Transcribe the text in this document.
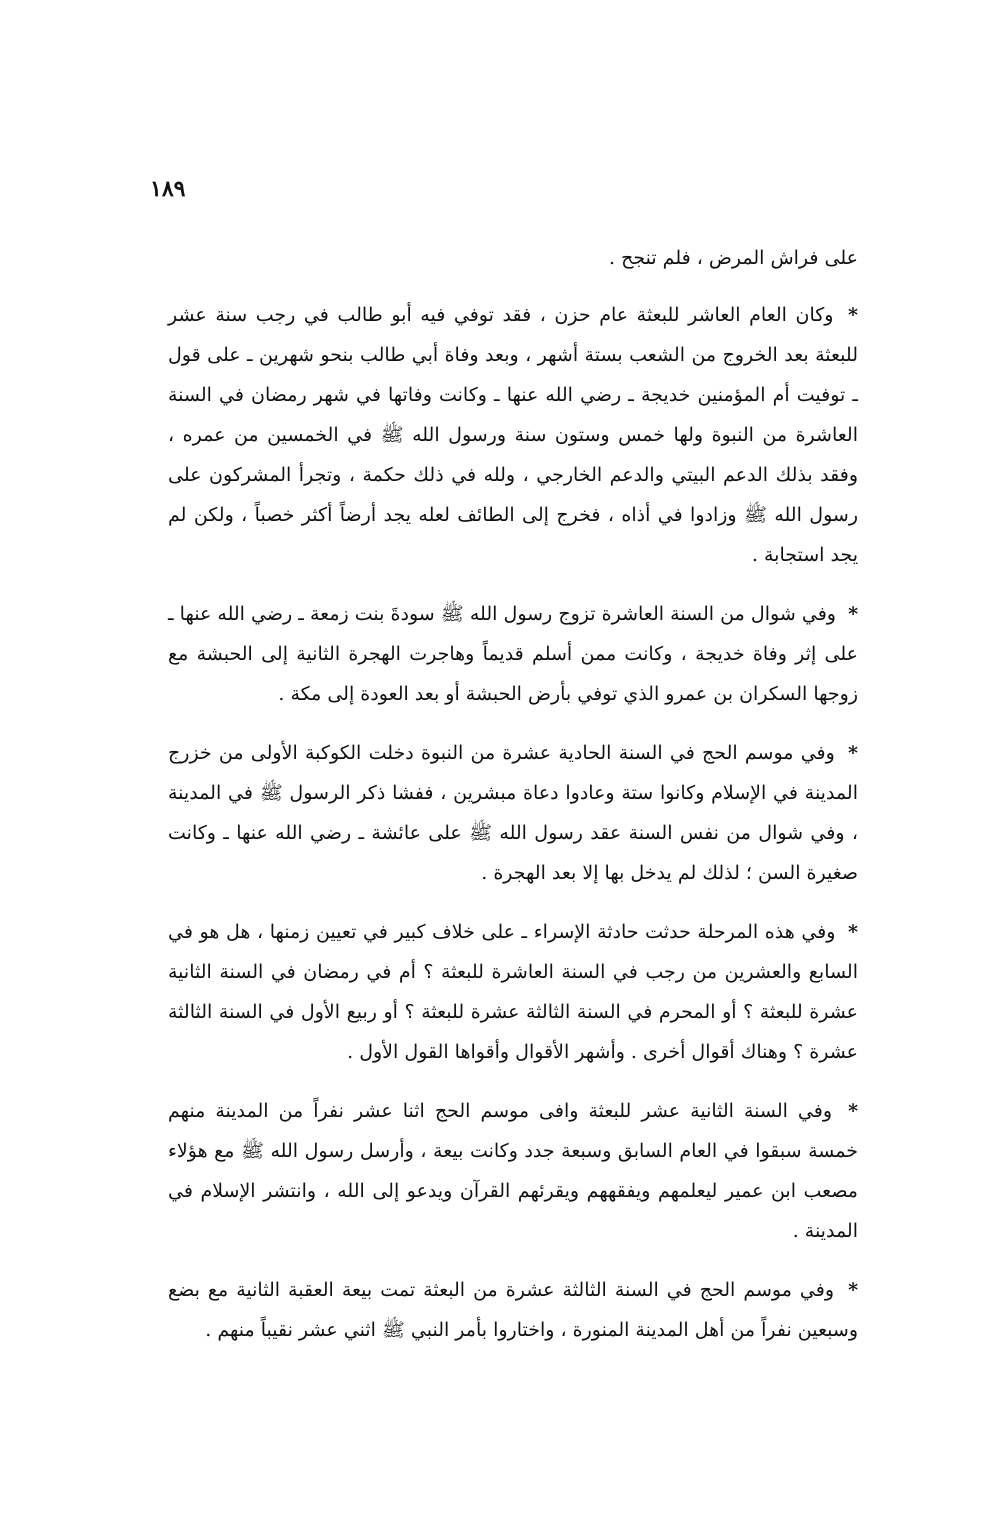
١٨٩

على فراش المرض ، فلم تنجح .

* وكان العام العاشر للبعثة عام حزن ، فقد توفي فيه أبو طالب في رجب سنة عشر للبعثة بعد الخروج من الشعب بستة أشهر ، وبعد وفاة أبي طالب بنحو شهرين ـ على قول ـ توفيت أم المؤمنين خديجة ـ رضي الله عنها ـ وكانت وفاتها في شهر رمضان في السنة العاشرة من النبوة ولها خمس وستون سنة ورسول الله ﷺ في الخمسين من عمره ، وفقد بذلك الدعم البيتي والدعم الخارجي ، ولله في ذلك حكمة ، وتجرأ المشركون على رسول الله ﷺ وزادوا في أذاه ، فخرج إلى الطائف لعله يجد أرضاً أكثر خصباً ، ولكن لم يجد استجابة .

* وفي شوال من السنة العاشرة تزوج رسول الله ﷺ سودةَ بنت زمعة ـ رضي الله عنها ـ على إثر وفاة خديجة ، وكانت ممن أسلم قديماً وهاجرت الهجرة الثانية إلى الحبشة مع زوجها السكران بن عمرو الذي توفي بأرض الحبشة أو بعد العودة إلى مكة .

* وفي موسم الحج في السنة الحادية عشرة من النبوة دخلت الكوكبة الأولى من خزرج المدينة في الإسلام وكانوا ستة وعادوا دعاة مبشرين ، ففشا ذكر الرسول ﷺ في المدينة ، وفي شوال من نفس السنة عقد رسول الله ﷺ على عائشة ـ رضي الله عنها ـ وكانت صغيرة السن ؛ لذلك لم يدخل بها إلا بعد الهجرة .

* وفي هذه المرحلة حدثت حادثة الإسراء ـ على خلاف كبير في تعيين زمنها ، هل هو في السابع والعشرين من رجب في السنة العاشرة للبعثة ؟ أم في رمضان في السنة الثانية عشرة للبعثة ؟ أو المحرم في السنة الثالثة عشرة للبعثة ؟ أو ربيع الأول في السنة الثالثة عشرة ؟ وهناك أقوال أخرى . وأشهر الأقوال وأقواها القول الأول .

* وفي السنة الثانية عشر للبعثة وافى موسم الحج اثنا عشر نفراً من المدينة منهم خمسة سبقوا في العام السابق وسبعة جدد وكانت بيعة ، وأرسل رسول الله ﷺ مع هؤلاء مصعب ابن عمير ليعلمهم ويفقههم ويقرئهم القرآن ويدعو إلى الله ، وانتشر الإسلام في المدينة .

* وفي موسم الحج في السنة الثالثة عشرة من البعثة تمت بيعة العقبة الثانية مع بضع وسبعين نفراً من أهل المدينة المنورة ، واختاروا بأمر النبي ﷺ اثني عشر نقيباً منهم .
